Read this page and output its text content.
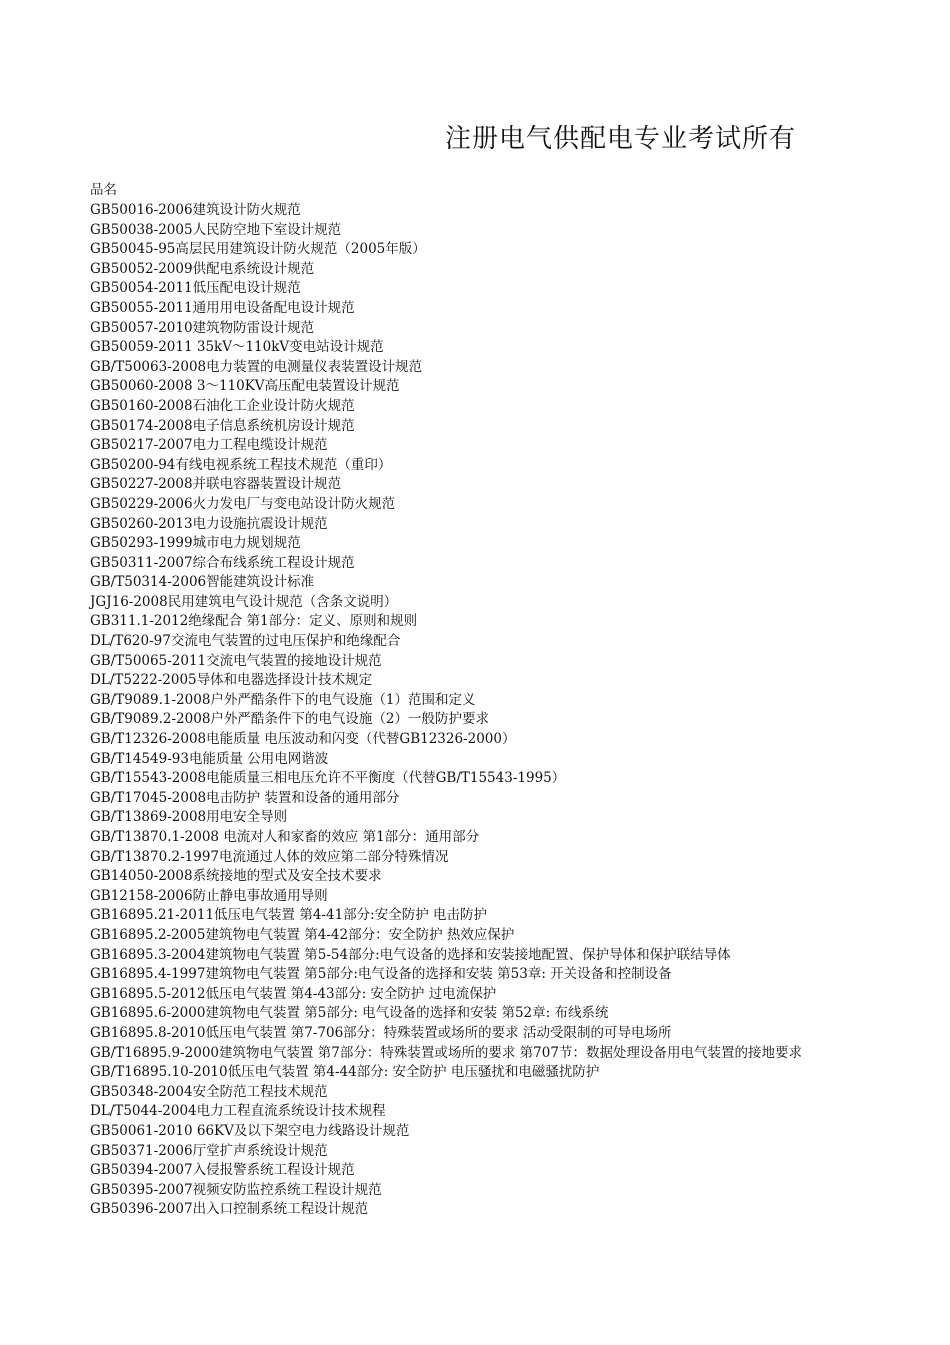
注册电气供配电专业考试所有
品名
GB50016-2006建筑设计防火规范
GB50038-2005人民防空地下室设计规范
GB50045-95高层民用建筑设计防火规范（2005年版）
GB50052-2009供配电系统设计规范
GB50054-2011低压配电设计规范
GB50055-2011通用用电设备配电设计规范
GB50057-2010建筑物防雷设计规范
GB50059-2011 35kV～110kV变电站设计规范
GB/T50063-2008电力装置的电测量仪表装置设计规范
GB50060-2008 3～110KV高压配电装置设计规范
GB50160-2008石油化工企业设计防火规范
GB50174-2008电子信息系统机房设计规范
GB50217-2007电力工程电缆设计规范
GB50200-94有线电视系统工程技术规范（重印）
GB50227-2008并联电容器装置设计规范
GB50229-2006火力发电厂与变电站设计防火规范
GB50260-2013电力设施抗震设计规范
GB50293-1999城市电力规划规范
GB50311-2007综合布线系统工程设计规范
GB/T50314-2006智能建筑设计标准
JGJ16-2008民用建筑电气设计规范（含条文说明）
GB311.1-2012绝缘配合 第1部分：定义、原则和规则
DL/T620-97交流电气装置的过电压保护和绝缘配合
GB/T50065-2011交流电气装置的接地设计规范
DL/T5222-2005导体和电器选择设计技术规定
GB/T9089.1-2008户外严酷条件下的电气设施（1）范围和定义
GB/T9089.2-2008户外严酷条件下的电气设施（2）一般防护要求
GB/T12326-2008电能质量 电压波动和闪变（代替GB12326-2000）
GB/T14549-93电能质量 公用电网谐波
GB/T15543-2008电能质量三相电压允许不平衡度（代替GB/T15543-1995）
GB/T17045-2008电击防护 装置和设备的通用部分
GB/T13869-2008用电安全导则
GB/T13870.1-2008 电流对人和家畜的效应 第1部分：通用部分
GB/T13870.2-1997电流通过人体的效应第二部分特殊情况
GB14050-2008系统接地的型式及安全技术要求
GB12158-2006防止静电事故通用导则
GB16895.21-2011低压电气装置 第4-41部分:安全防护 电击防护
GB16895.2-2005建筑物电气装置 第4-42部分：安全防护 热效应保护
GB16895.3-2004建筑物电气装置 第5-54部分:电气设备的选择和安装接地配置、保护导体和保护联结导体
GB16895.4-1997建筑物电气装置 第5部分:电气设备的选择和安装 第53章: 开关设备和控制设备
GB16895.5-2012低压电气装置 第4-43部分: 安全防护 过电流保护
GB16895.6-2000建筑物电气装置 第5部分: 电气设备的选择和安装 第52章: 布线系统
GB16895.8-2010低压电气装置 第7-706部分：特殊装置或场所的要求 活动受限制的可导电场所
GB/T16895.9-2000建筑物电气装置 第7部分：特殊装置或场所的要求 第707节：数据处理设备用电气装置的接地要求
GB/T16895.10-2010低压电气装置 第4-44部分: 安全防护 电压骚扰和电磁骚扰防护
GB50348-2004安全防范工程技术规范
DL/T5044-2004电力工程直流系统设计技术规程
GB50061-2010 66KV及以下架空电力线路设计规范
GB50371-2006厅堂扩声系统设计规范
GB50394-2007入侵报警系统工程设计规范
GB50395-2007视频安防监控系统工程设计规范
GB50396-2007出入口控制系统工程设计规范
